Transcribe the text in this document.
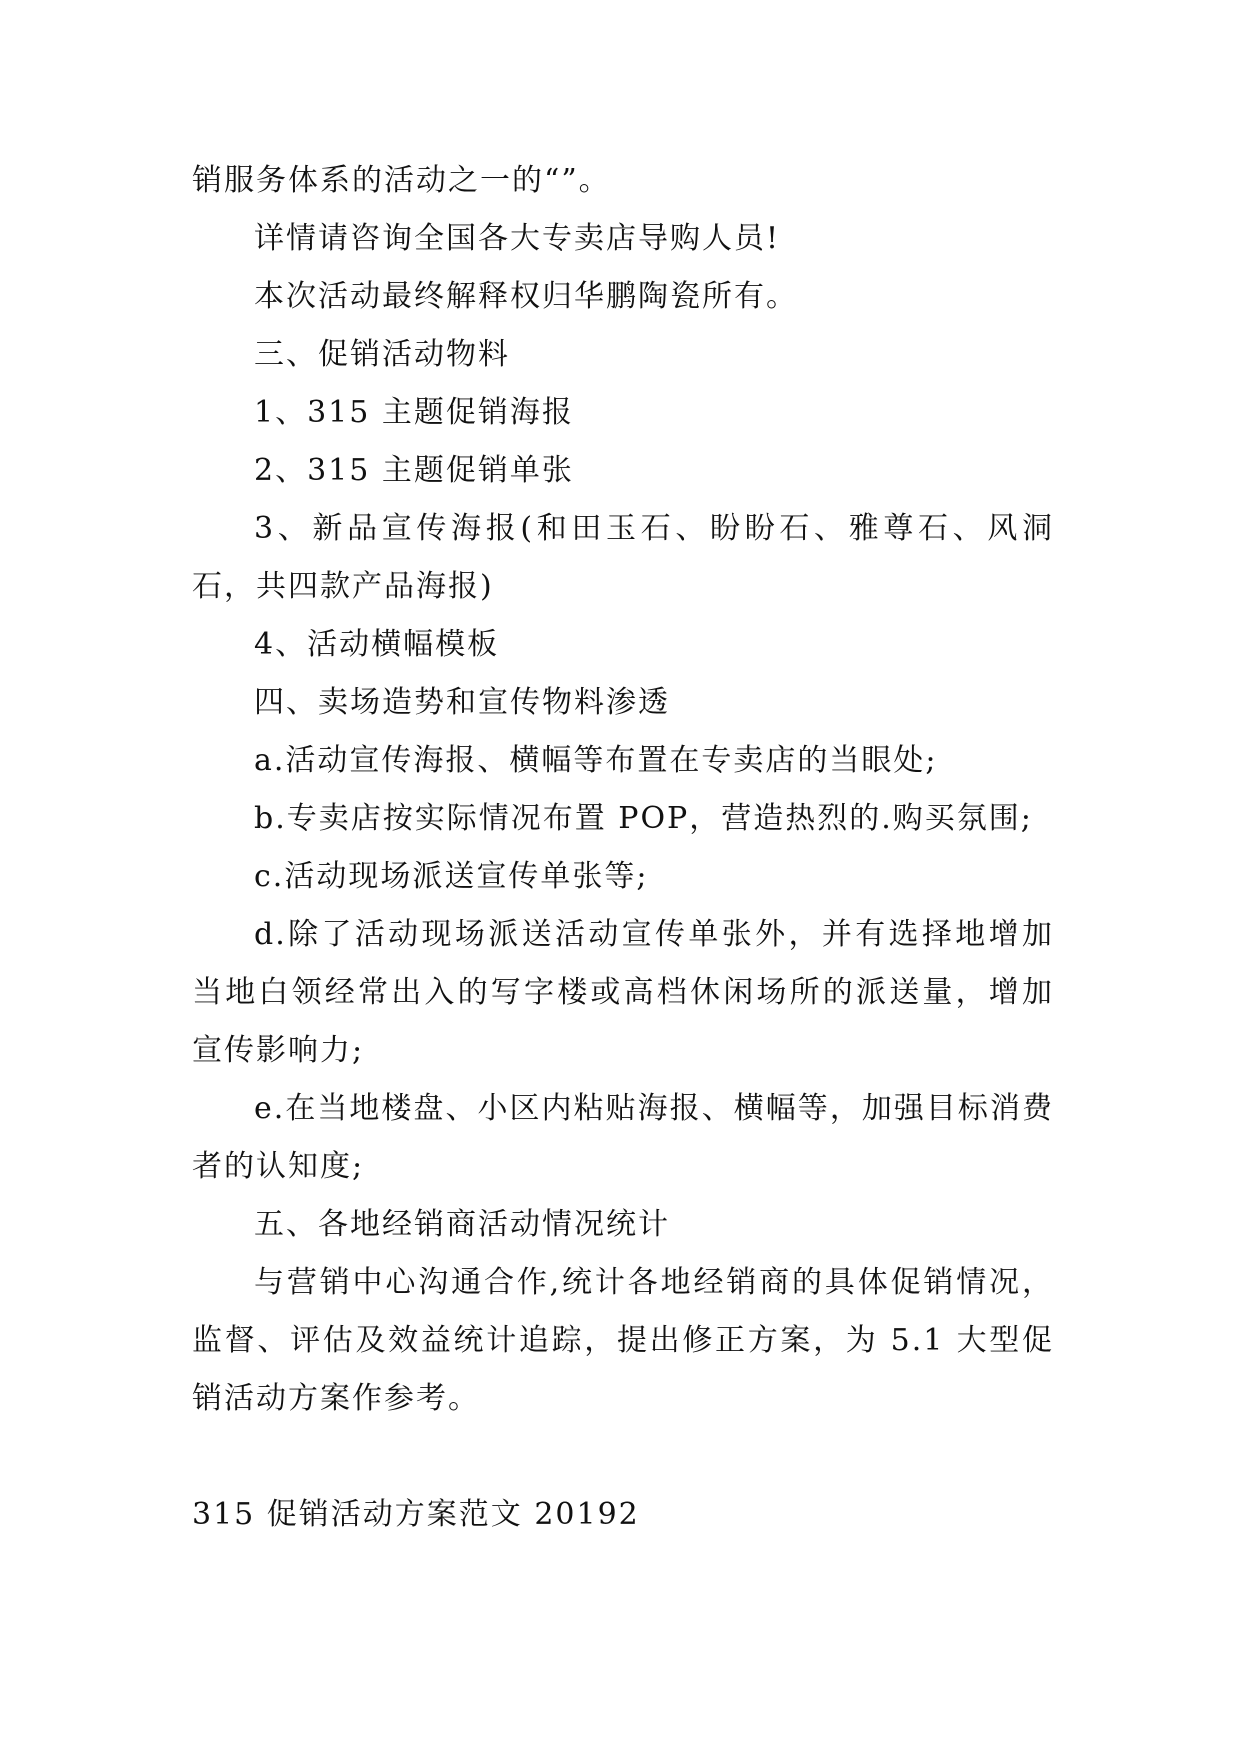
销服务体系的活动之一的“”。

详情请咨询全国各大专卖店导购人员!

本次活动最终解释权归华鹏陶瓷所有。

三、促销活动物料

1、315 主题促销海报

2、315 主题促销单张

3、新品宣传海报(和田玉石、盼盼石、雅尊石、风洞石，共四款产品海报)

4、活动横幅模板

四、卖场造势和宣传物料渗透

a.活动宣传海报、横幅等布置在专卖店的当眼处;

b.专卖店按实际情况布置 POP，营造热烈的.购买氛围;

c.活动现场派送宣传单张等;

d.除了活动现场派送活动宣传单张外，并有选择地增加当地白领经常出入的写字楼或高档休闲场所的派送量，增加宣传影响力;

e.在当地楼盘、小区内粘贴海报、横幅等，加强目标消费者的认知度;

五、各地经销商活动情况统计

与营销中心沟通合作,统计各地经销商的具体促销情况，监督、评估及效益统计追踪，提出修正方案，为 5.1 大型促销活动方案作参考。

315 促销活动方案范文 20192
